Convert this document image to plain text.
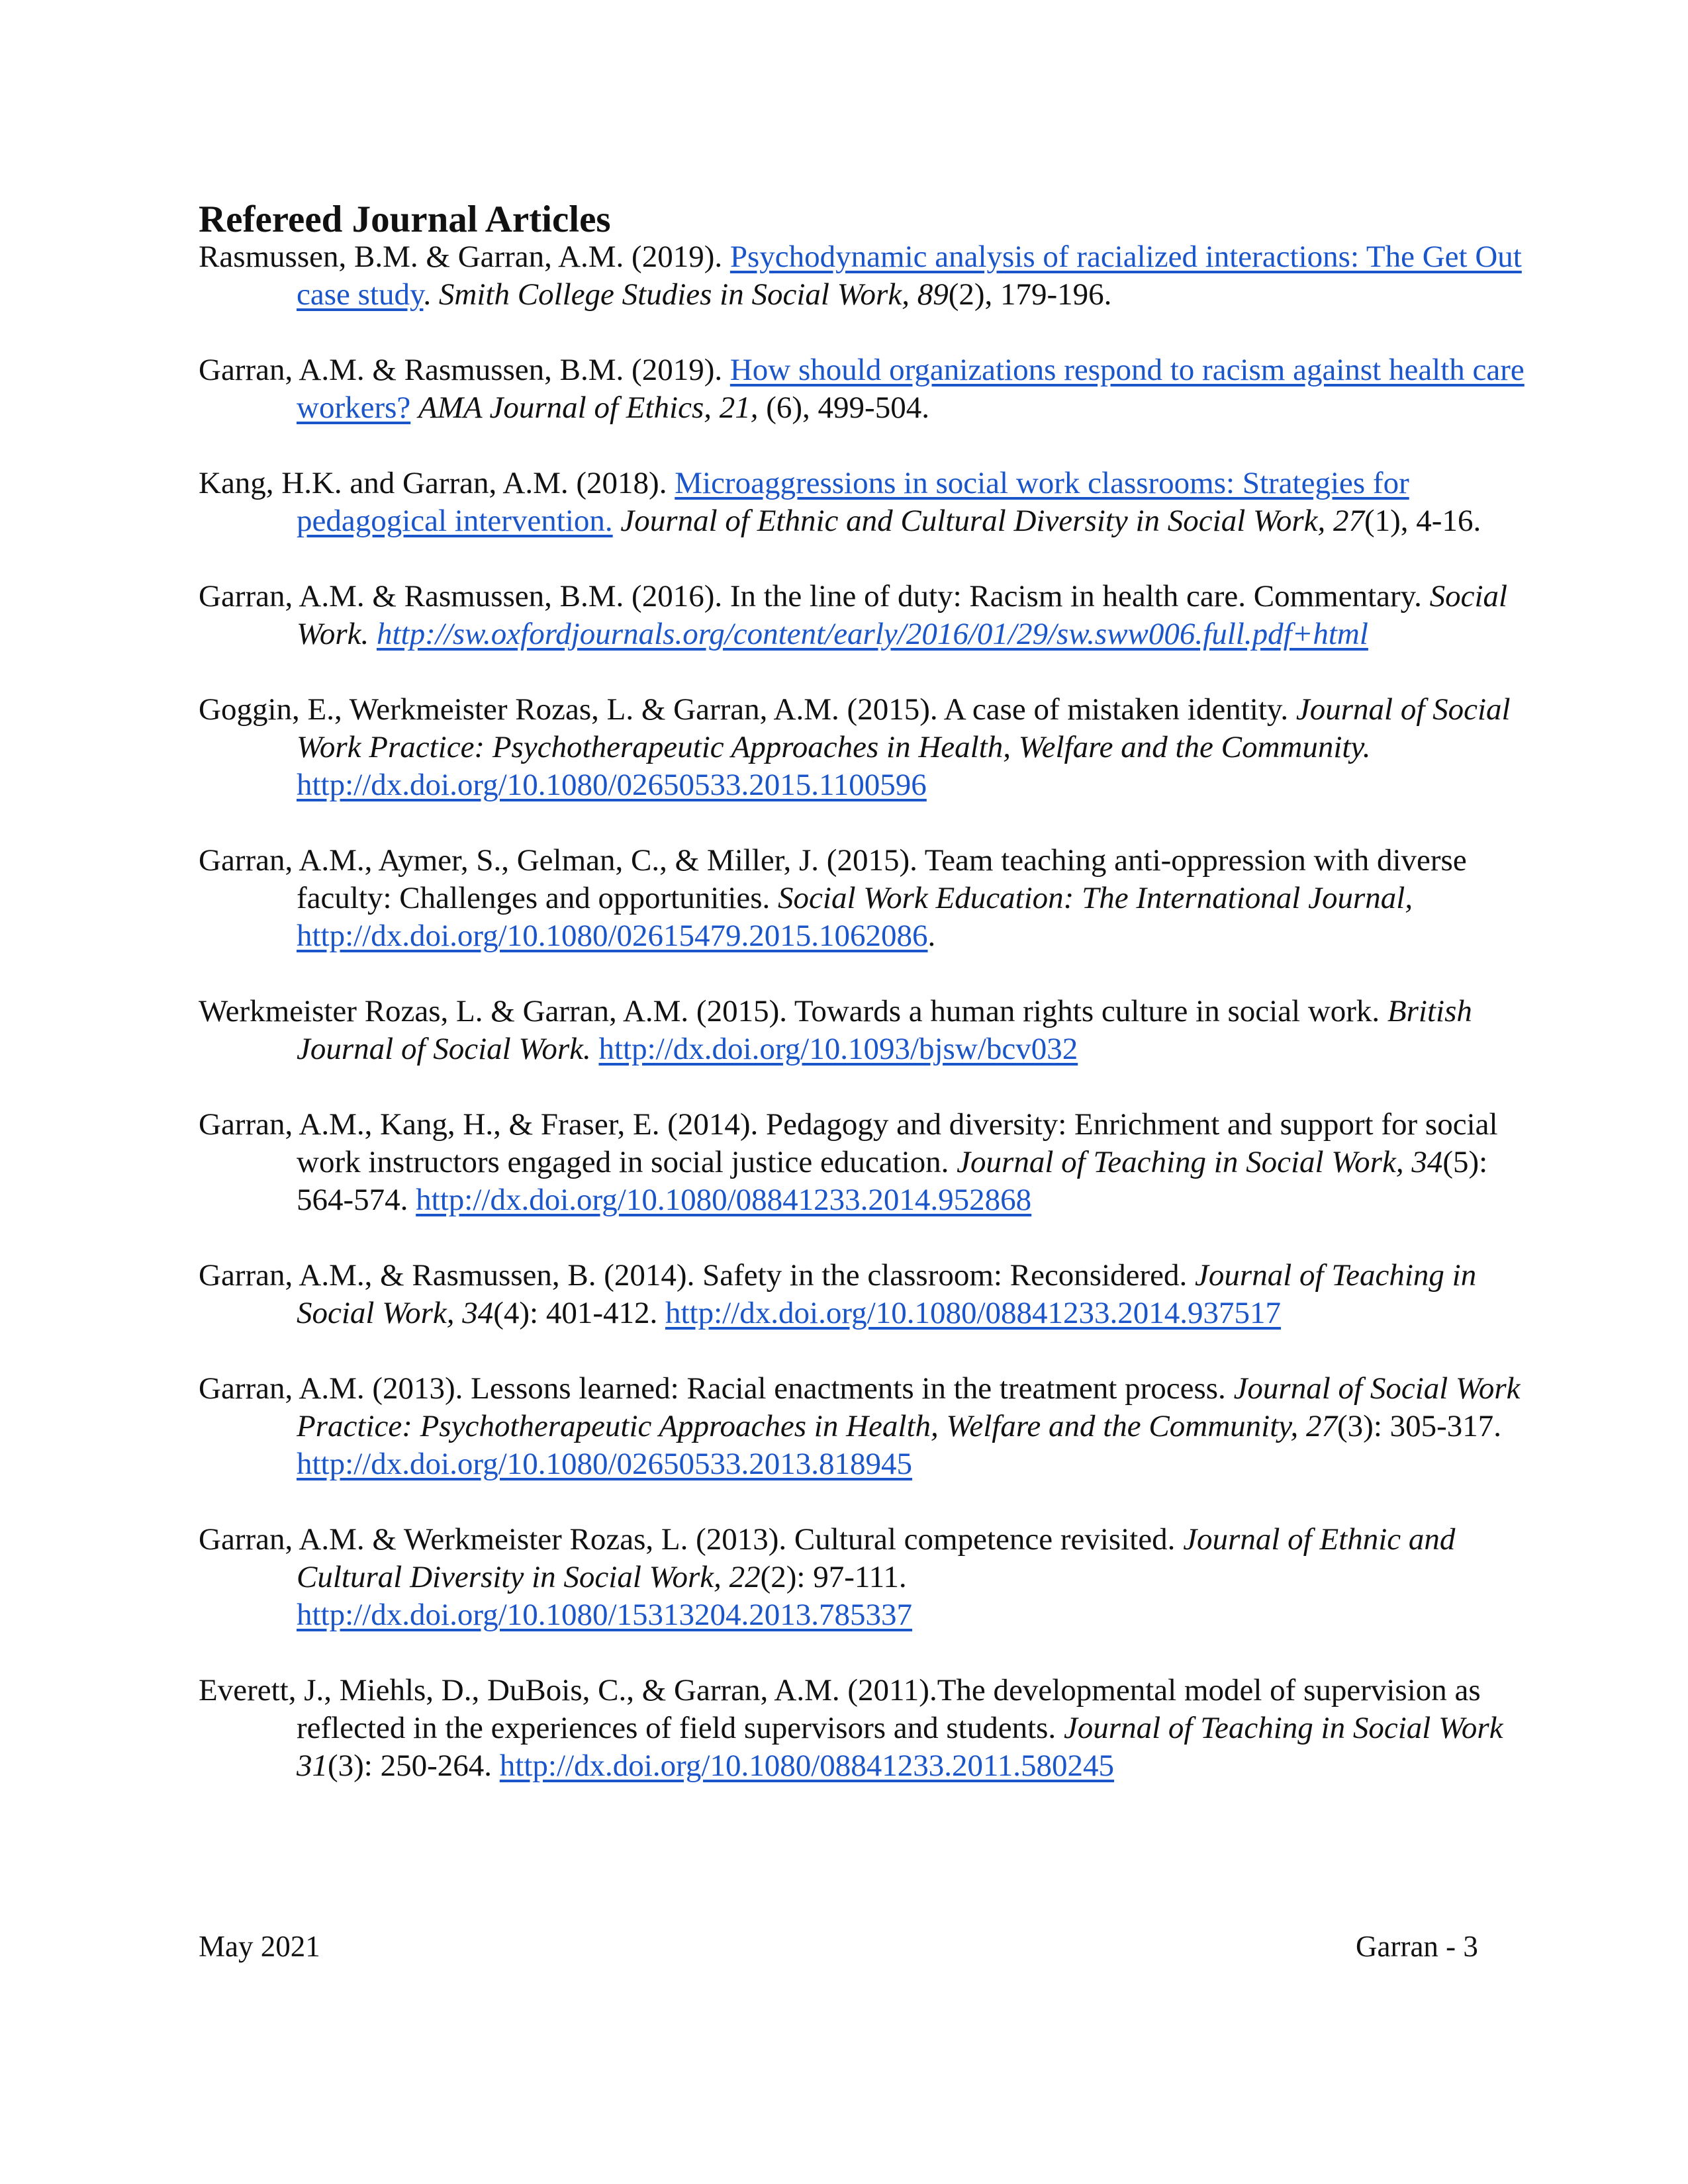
Refereed Journal Articles
Rasmussen, B.M. & Garran, A.M. (2019). Psychodynamic analysis of racialized interactions: The Get Out case study. Smith College Studies in Social Work, 89(2), 179-196.
Garran, A.M. & Rasmussen, B.M. (2019). How should organizations respond to racism against health care workers? AMA Journal of Ethics, 21, (6), 499-504.
Kang, H.K. and Garran, A.M. (2018). Microaggressions in social work classrooms: Strategies for pedagogical intervention. Journal of Ethnic and Cultural Diversity in Social Work, 27(1), 4-16.
Garran, A.M. & Rasmussen, B.M. (2016). In the line of duty: Racism in health care. Commentary. Social Work. http://sw.oxfordjournals.org/content/early/2016/01/29/sw.sww006.full.pdf+html
Goggin, E., Werkmeister Rozas, L. & Garran, A.M. (2015). A case of mistaken identity. Journal of Social Work Practice: Psychotherapeutic Approaches in Health, Welfare and the Community. http://dx.doi.org/10.1080/02650533.2015.1100596
Garran, A.M., Aymer, S., Gelman, C., & Miller, J. (2015). Team teaching anti-oppression with diverse faculty: Challenges and opportunities. Social Work Education: The International Journal, http://dx.doi.org/10.1080/02615479.2015.1062086.
Werkmeister Rozas, L. & Garran, A.M. (2015). Towards a human rights culture in social work. British Journal of Social Work. http://dx.doi.org/10.1093/bjsw/bcv032
Garran, A.M., Kang, H., & Fraser, E. (2014). Pedagogy and diversity: Enrichment and support for social work instructors engaged in social justice education. Journal of Teaching in Social Work, 34(5): 564-574. http://dx.doi.org/10.1080/08841233.2014.952868
Garran, A.M., & Rasmussen, B. (2014). Safety in the classroom: Reconsidered. Journal of Teaching in Social Work, 34(4): 401-412. http://dx.doi.org/10.1080/08841233.2014.937517
Garran, A.M. (2013). Lessons learned: Racial enactments in the treatment process. Journal of Social Work Practice: Psychotherapeutic Approaches in Health, Welfare and the Community, 27(3): 305-317. http://dx.doi.org/10.1080/02650533.2013.818945
Garran, A.M. & Werkmeister Rozas, L. (2013). Cultural competence revisited. Journal of Ethnic and Cultural Diversity in Social Work, 22(2): 97-111. http://dx.doi.org/10.1080/15313204.2013.785337
Everett, J., Miehls, D., DuBois, C., & Garran, A.M. (2011).The developmental model of supervision as reflected in the experiences of field supervisors and students. Journal of Teaching in Social Work 31(3): 250-264. http://dx.doi.org/10.1080/08841233.2011.580245
May 2021	Garran - 3
